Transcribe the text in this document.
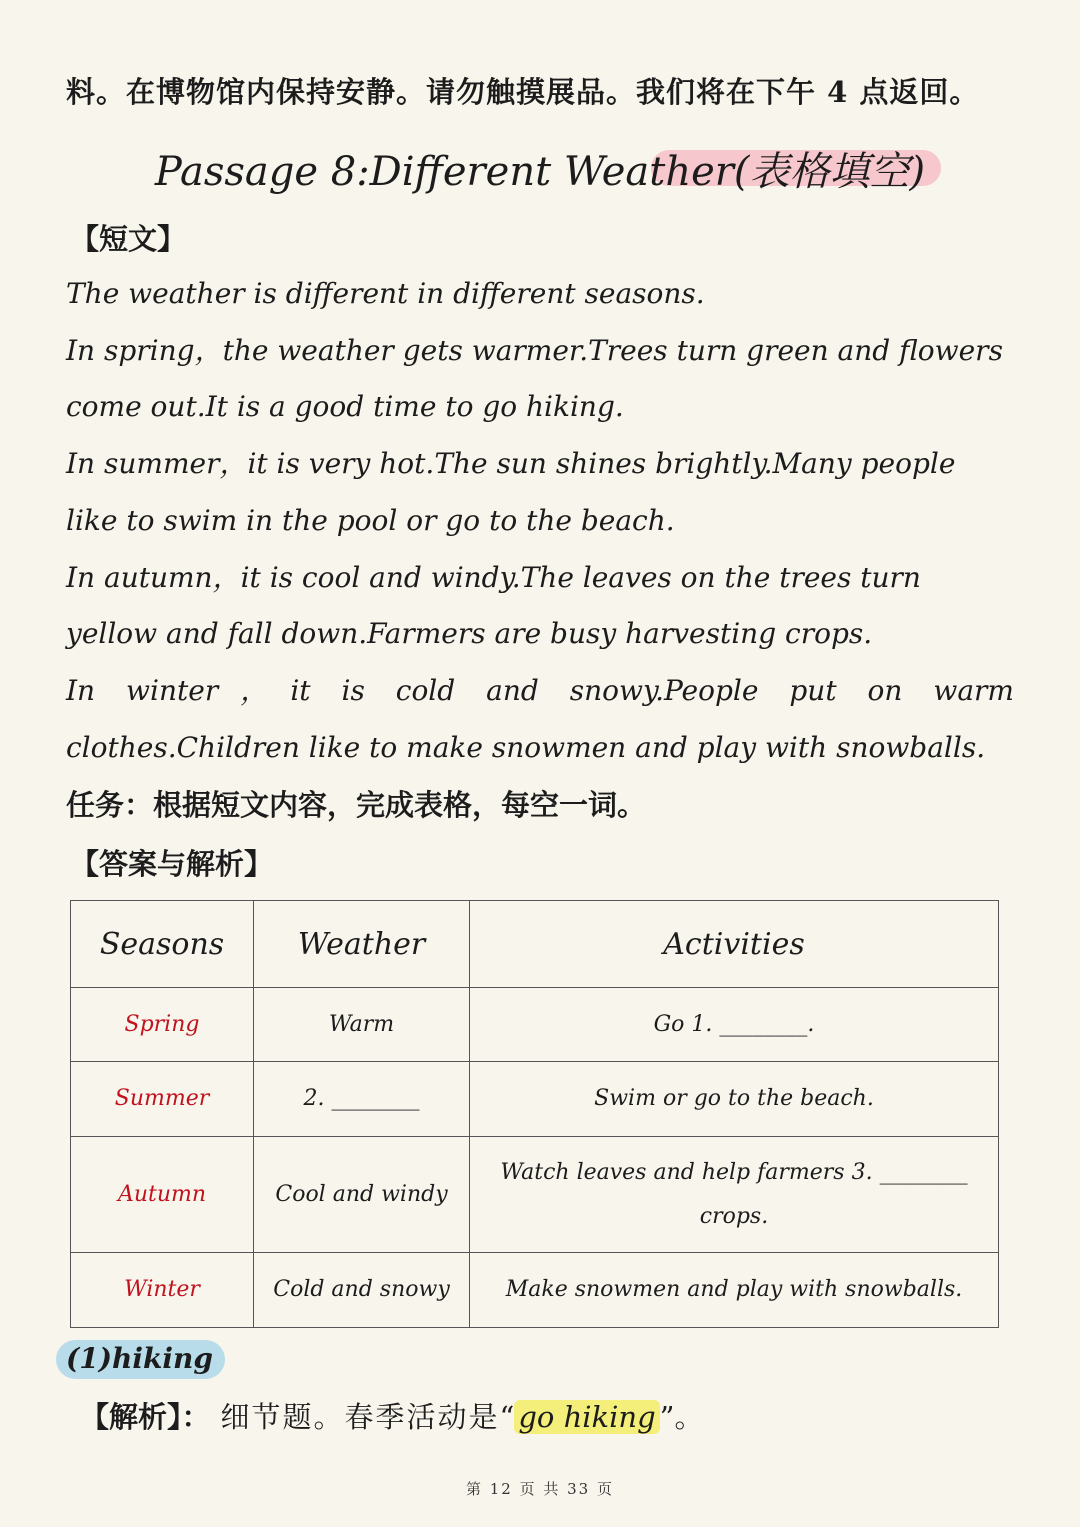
料。在博物馆内保持安静。请勿触摸展品。我们将在下午 4 点返回。
Passage 8:Different Weather(表格填空)
【短文】

The weather is different in different seasons.

In spring，the weather gets warmer.Trees turn green and flowers come out.It is a good time to go hiking.

In summer，it is very hot.The sun shines brightly.Many people like to swim in the pool or go to the beach.

In autumn，it is cool and windy.The leaves on the trees turn yellow and fall down.Farmers are busy harvesting crops.

In winter，it is cold and snowy.People put on warm

clothes.Children like to make snowmen and play with snowballs.

任务：根据短文内容，完成表格，每空一词。
【答案与解析】
Seasons	Weather	Activities
Spring	Warm	Go 1. ________.
Summer	2. ________	Swim or go to the beach.
Autumn	Cool and windy	Watch leaves and help farmers 3. ________ crops.
Winter	Cold and snowy	Make snowmen and play with snowballs.
(1)hiking
【解析】： 细节题。春季活动是“ go hiking ”。
第 12 页 共 33 页
